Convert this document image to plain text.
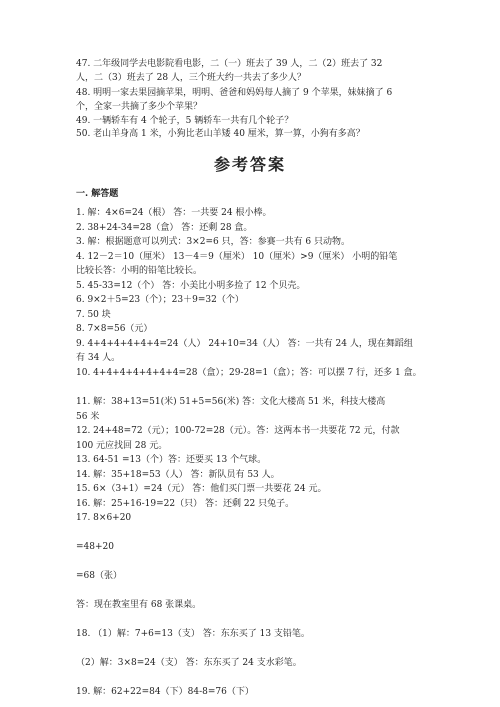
47. 二年级同学去电影院看电影，二（一）班去了 39 人，二（2）班去了 32
人，二（3）班去了 28 人，三个班大约一共去了多少人？
48. 明明一家去果园摘苹果，明明、爸爸和妈妈每人摘了 9 个苹果，妹妹摘了 6
个，全家一共摘了多少个苹果？
49. 一辆轿车有 4 个轮子，5 辆轿车一共有几个轮子？
50. 老山羊身高 1 米，小狗比老山羊矮 40 厘米，算一算，小狗有多高？
参考答案
一. 解答题
1. 解：4×6=24（根） 答：一共要 24 根小棒。
2. 38+24-34=28（盒） 答：还剩 28 盒。
3. 解：根据题意可以列式：3×2=6 只，答：参赛一共有 6 只动物。
4. 12－2＝10（厘米） 13－4＝9（厘米） 10（厘米）>9（厘米） 小明的铅笔
比较长答：小明的铅笔比较长。
5. 45-33=12（个） 答：小美比小明多捡了 12 个贝壳。
6. 9×2＋5=23（个）；23＋9=32（个）
7. 50 块
8. 7×8=56（元）
9. 4+4+4+4+4+4=24（人） 24+10=34（人） 答：一共有 24 人，现在舞蹈组
有 34 人。
10. 4+4+4+4+4+4+4=28（盒）；29-28=1（盒）；答：可以摆 7 行，还多 1 盒。
11. 解：38+13=51(米) 51+5=56(米) 答：文化大楼高 51 米，科技大楼高
56 米
12. 24+48=72（元）；100-72=28（元）。答：这两本书一共要花 72 元，付款
100 元应找回 28 元。
13. 64-51 =13（个）答：还要买 13 个气球。
14. 解：35+18=53（人） 答：新队员有 53 人。
15. 6×（3+1）=24（元） 答：他们买门票一共要花 24 元。
16. 解：25+16-19=22（只） 答：还剩 22 只兔子。
17. 8×6+20
=48+20
=68（张）
答：现在教室里有 68 张课桌。
18. （1）解：7+6=13（支） 答：东东买了 13 支铅笔。
（2）解：3×8=24（支） 答：东东买了 24 支水彩笔。
19. 解：62+22=84（下）84-8=76（下）
